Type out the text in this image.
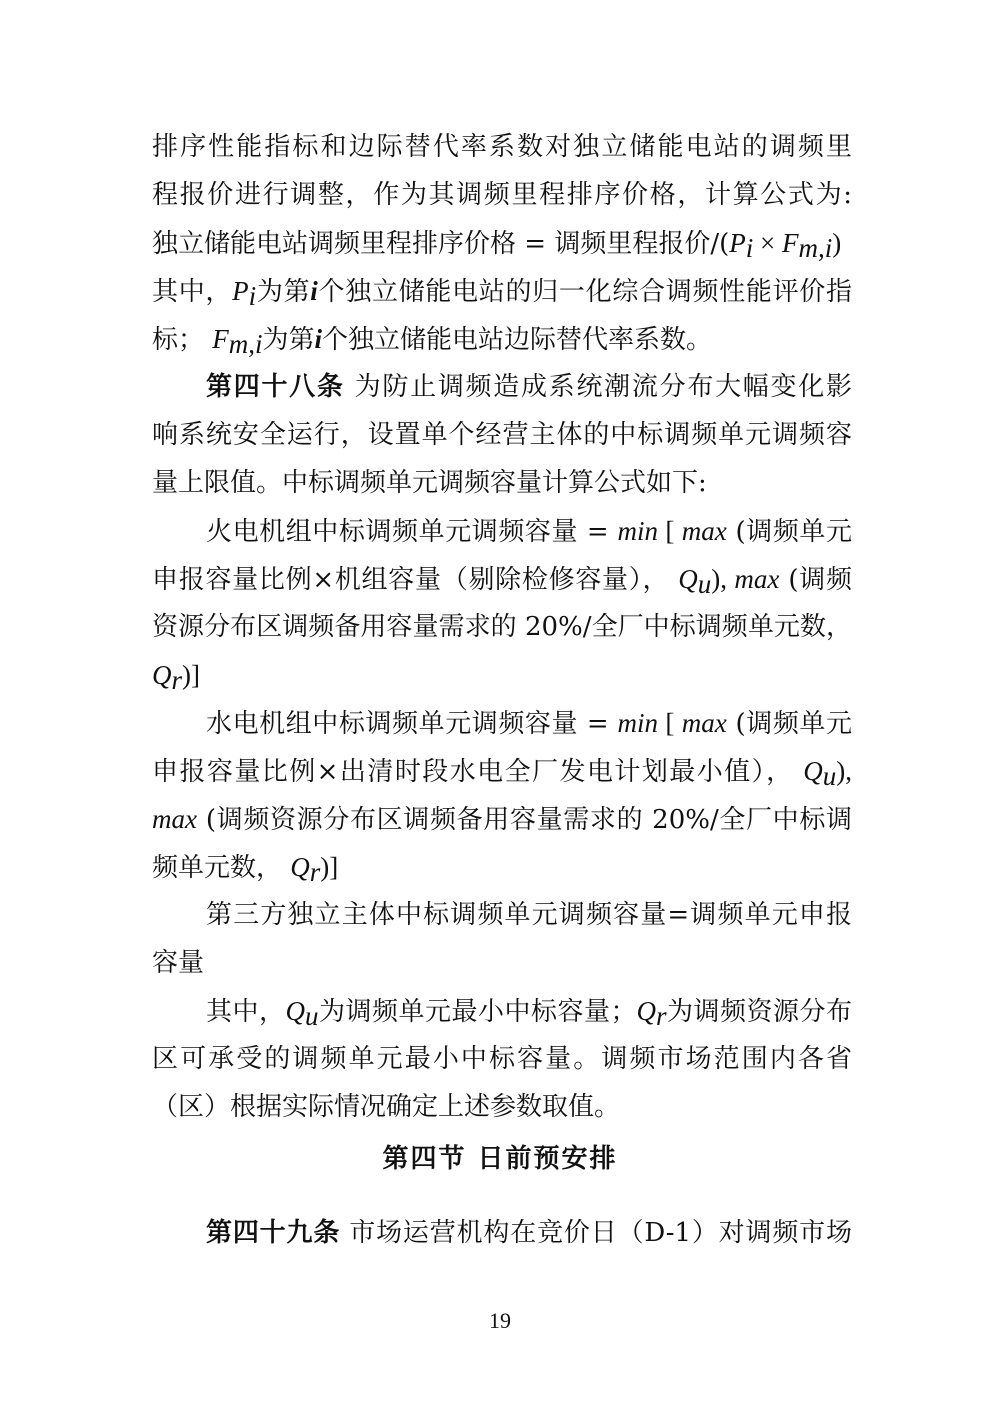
排序性能指标和边际替代率系数对独立储能电站的调频里
程报价进行调整，作为其调频里程排序价格，计算公式为:
独立储能电站调频里程排序价格 = 调频里程报价$/(P_i \times F_{m,i})$
其中，$P_i$为第i个独立储能电站的归一化综合调频性能评价指
标； $F_{m,i}$为第i个独立储能电站边际替代率系数。
第四十八条 为防止调频造成系统潮流分布大幅变化影
响系统安全运行，设置单个经营主体的中标调频单元调频容
量上限值。中标调频单元调频容量计算公式如下:
火电机组中标调频单元调频容量 = min [ max (调频单元
申报容量比例×机组容量（剔除检修容量）， $Q_u$), max (调频
资源分布区调频备用容量需求的 20%/全厂中标调频单元数，
$Q_r$)]
水电机组中标调频单元调频容量 = min [ max (调频单元
申报容量比例×出清时段水电全厂发电计划最小值）， $Q_u$),
max (调频资源分布区调频备用容量需求的 20%/全厂中标调
频单元数， $Q_r$)]
第三方独立主体中标调频单元调频容量=调频单元申报
容量
其中，$Q_u$为调频单元最小中标容量；$Q_r$为调频资源分布
区可承受的调频单元最小中标容量。调频市场范围内各省
（区）根据实际情况确定上述参数取值。
第四节 日前预安排
第四十九条 市场运营机构在竞价日（D-1）对调频市场
19
